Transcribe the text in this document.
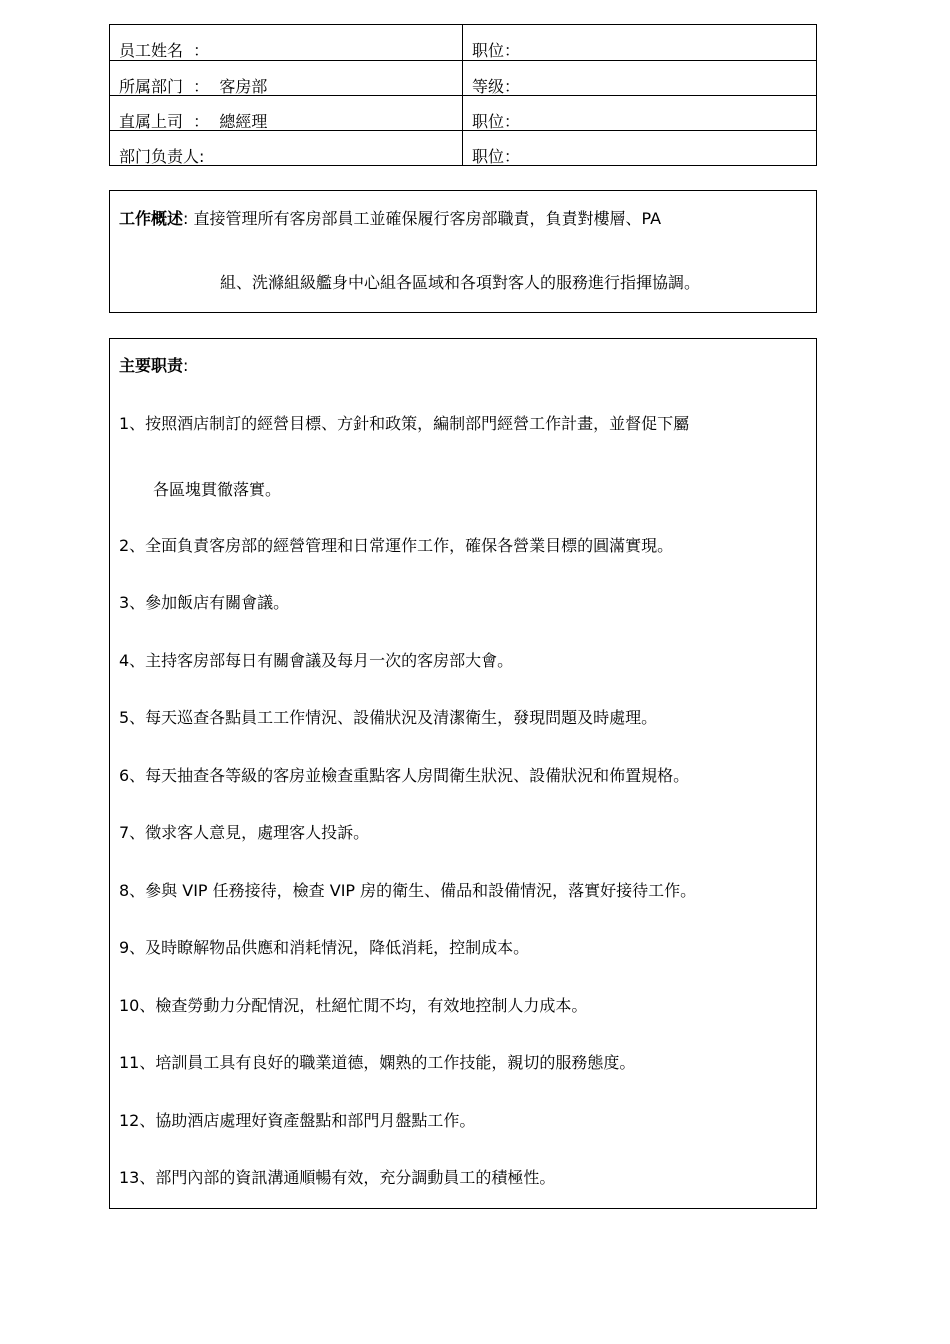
员工姓名  ：	职位：
所属部门  ：  客房部	等级：
直属上司  ：  總經理	职位：
部门负责人:	职位：
工作概述: 直接管理所有客房部員工並確保履行客房部職責，負責對樓層、PA
組、洗滌組級艦身中心組各區域和各項對客人的服務進行指揮協調。
主要职责:
1、按照酒店制訂的經營目標、方針和政策，編制部門經營工作計畫，並督促下屬
各區塊貫徹落實。
2、全面負責客房部的經營管理和日常運作工作，確保各營業目標的圓滿實現。
3、參加飯店有關會議。
4、主持客房部每日有關會議及每月一次的客房部大會。
5、每天巡查各點員工工作情況、設備狀況及清潔衛生，發現問題及時處理。
6、每天抽查各等級的客房並檢查重點客人房間衛生狀況、設備狀況和佈置規格。
7、徵求客人意見，處理客人投訴。
8、參與 VIP 任務接待，檢查 VIP 房的衛生、備品和設備情況，落實好接待工作。
9、及時瞭解物品供應和消耗情況，降低消耗，控制成本。
10、檢查勞動力分配情況，杜絕忙閒不均，有效地控制人力成本。
11、培訓員工具有良好的職業道德，嫻熟的工作技能，親切的服務態度。
12、協助酒店處理好資產盤點和部門月盤點工作。
13、部門內部的資訊溝通順暢有效，充分調動員工的積極性。
